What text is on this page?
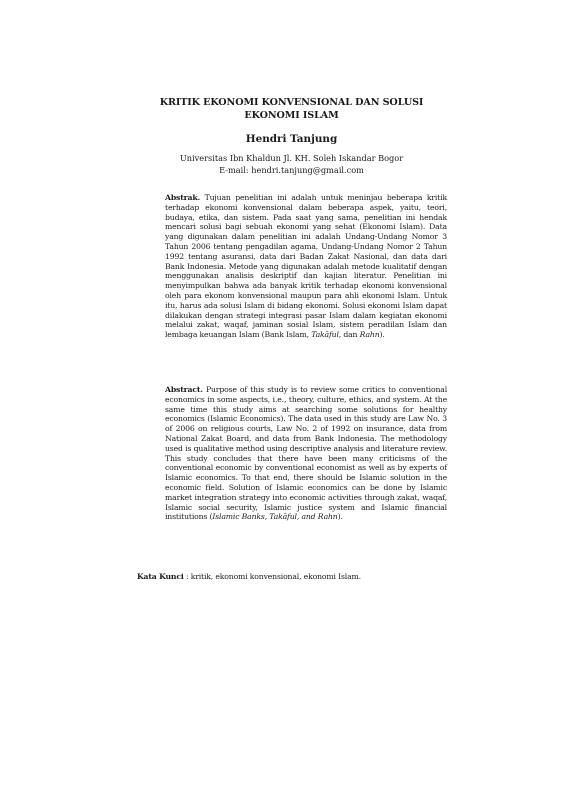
KRITIK EKONOMI KONVENSIONAL DAN SOLUSI
EKONOMI ISLAM
Hendri Tanjung
Universitas Ibn Khaldun Jl. KH. Soleh Iskandar Bogor
E-mail: hendri.tanjung@gmail.com
Abstrak. Tujuan penelitian ini adalah untuk meninjau beberapa kritik terhadap ekonomi konvensional dalam beberapa aspek, yaitu, teori, budaya, etika, dan sistem. Pada saat yang sama, penelitian ini hendak mencari solusi bagi sebuah ekonomi yang sehat (Ekonomi Islam). Data yang digunakan dalam penelitian ini adalah Undang-Undang Nomor 3 Tahun 2006 tentang pengadilan agama, Undang-Undang Nomor 2 Tahun 1992 tentang asuransi, data dari Badan Zakat Nasional, dan data dari Bank Indonesia. Metode yang digunakan adalah metode kualitatif dengan menggunakan analisis deskriptif dan kajian literatur. Penelitian ini menyimpulkan bahwa ada banyak kritik terhadap ekonomi konvensional oleh para ekonom konvensional maupun para ahli ekonomi Islam. Untuk itu, harus ada solusi Islam di bidang ekonomi. Solusi ekonomi Islam dapat dilakukan dengan strategi integrasi pasar Islam dalam kegiatan ekonomi melalui zakat, waqaf, jaminan sosial Islam, sistem peradilan Islam dan lembaga keuangan Islam (Bank Islam, Takāful, dan Rahn).
Abstract. Purpose of this study is to review some critics to conventional economics in some aspects, i.e., theory, culture, ethics, and system. At the same time this study aims at searching some solutions for healthy economics (Islamic Economics). The data used in this study are Law No. 3 of 2006 on religious courts, Law No. 2 of 1992 on insurance, data from National Zakat Board, and data from Bank Indonesia. The methodology used is qualitative method using descriptive analysis and literature review. This study concludes that there have been many criticisms of the conventional economic by conventional economist as well as by experts of Islamic economics. To that end, there should be Islamic solution in the economic field. Solution of Islamic economics can be done by Islamic market integration strategy into economic activities through zakat, waqaf, Islamic social security, Islamic justice system and Islamic financial institutions (Islamic Banks, Takāful, and Rahn).
Kata Kunci : kritik, ekonomi konvensional, ekonomi Islam.
